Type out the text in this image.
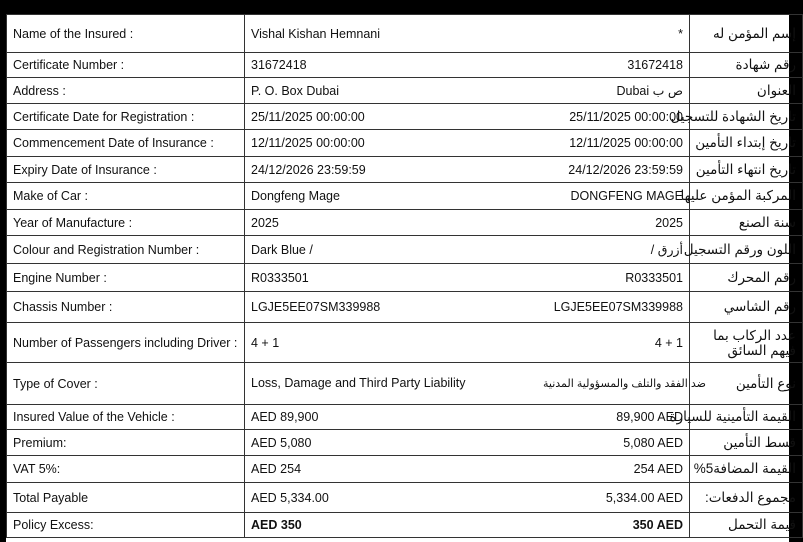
Name of the Insured :	Vishal Kishan Hemnani	*	إسم المؤمن له
Certificate Number :	31672418	31672418	رقم شهادة
Address :	P. O. Box Dubai	Dubai ص ب	العنوان
Certificate Date for Registration :	25/11/2025 00:00:00	25/11/2025 00:00:00	تاريخ الشهادة للتسجيل
Commencement Date of Insurance :	12/11/2025 00:00:00	12/11/2025 00:00:00	تاريخ إبتداء التأمين
Expiry Date of Insurance :	24/12/2026 23:59:59	24/12/2026 23:59:59	تاريخ انتهاء التأمين
Make of Car :	Dongfeng Mage	DONGFENG MAGE	المركبة المؤمن عليها
Year of Manufacture :	2025	2025	سنة الصنع
Colour and Registration Number :	Dark Blue /	/ أزرق	اللون ورقم التسجيل
Engine Number :	R0333501	R0333501	رقم المحرك
Chassis Number :	LGJE5EE07SM339988	LGJE5EE07SM339988	رقم الشاسي
Number of Passengers including Driver :	4 + 1	4 + 1	عدد الركاب بما فيهم السائق
Type of Cover :	Loss, Damage and Third Party Liability	ضد الفقد والتلف والمسؤولية المدنية	نوع التأمين
Insured Value of the Vehicle :	AED 89,900	89,900 AED	القيمة التأمينية للسيارة
Premium:	AED 5,080	5,080 AED	قسط التأمين
VAT 5%:	AED 254	254 AED	القيمة المضافة5%
Total Payable	AED 5,334.00	5,334.00 AED	مجموع الدفعات:
Policy Excess:	AED 350	350 AED	قيمة التحمل
